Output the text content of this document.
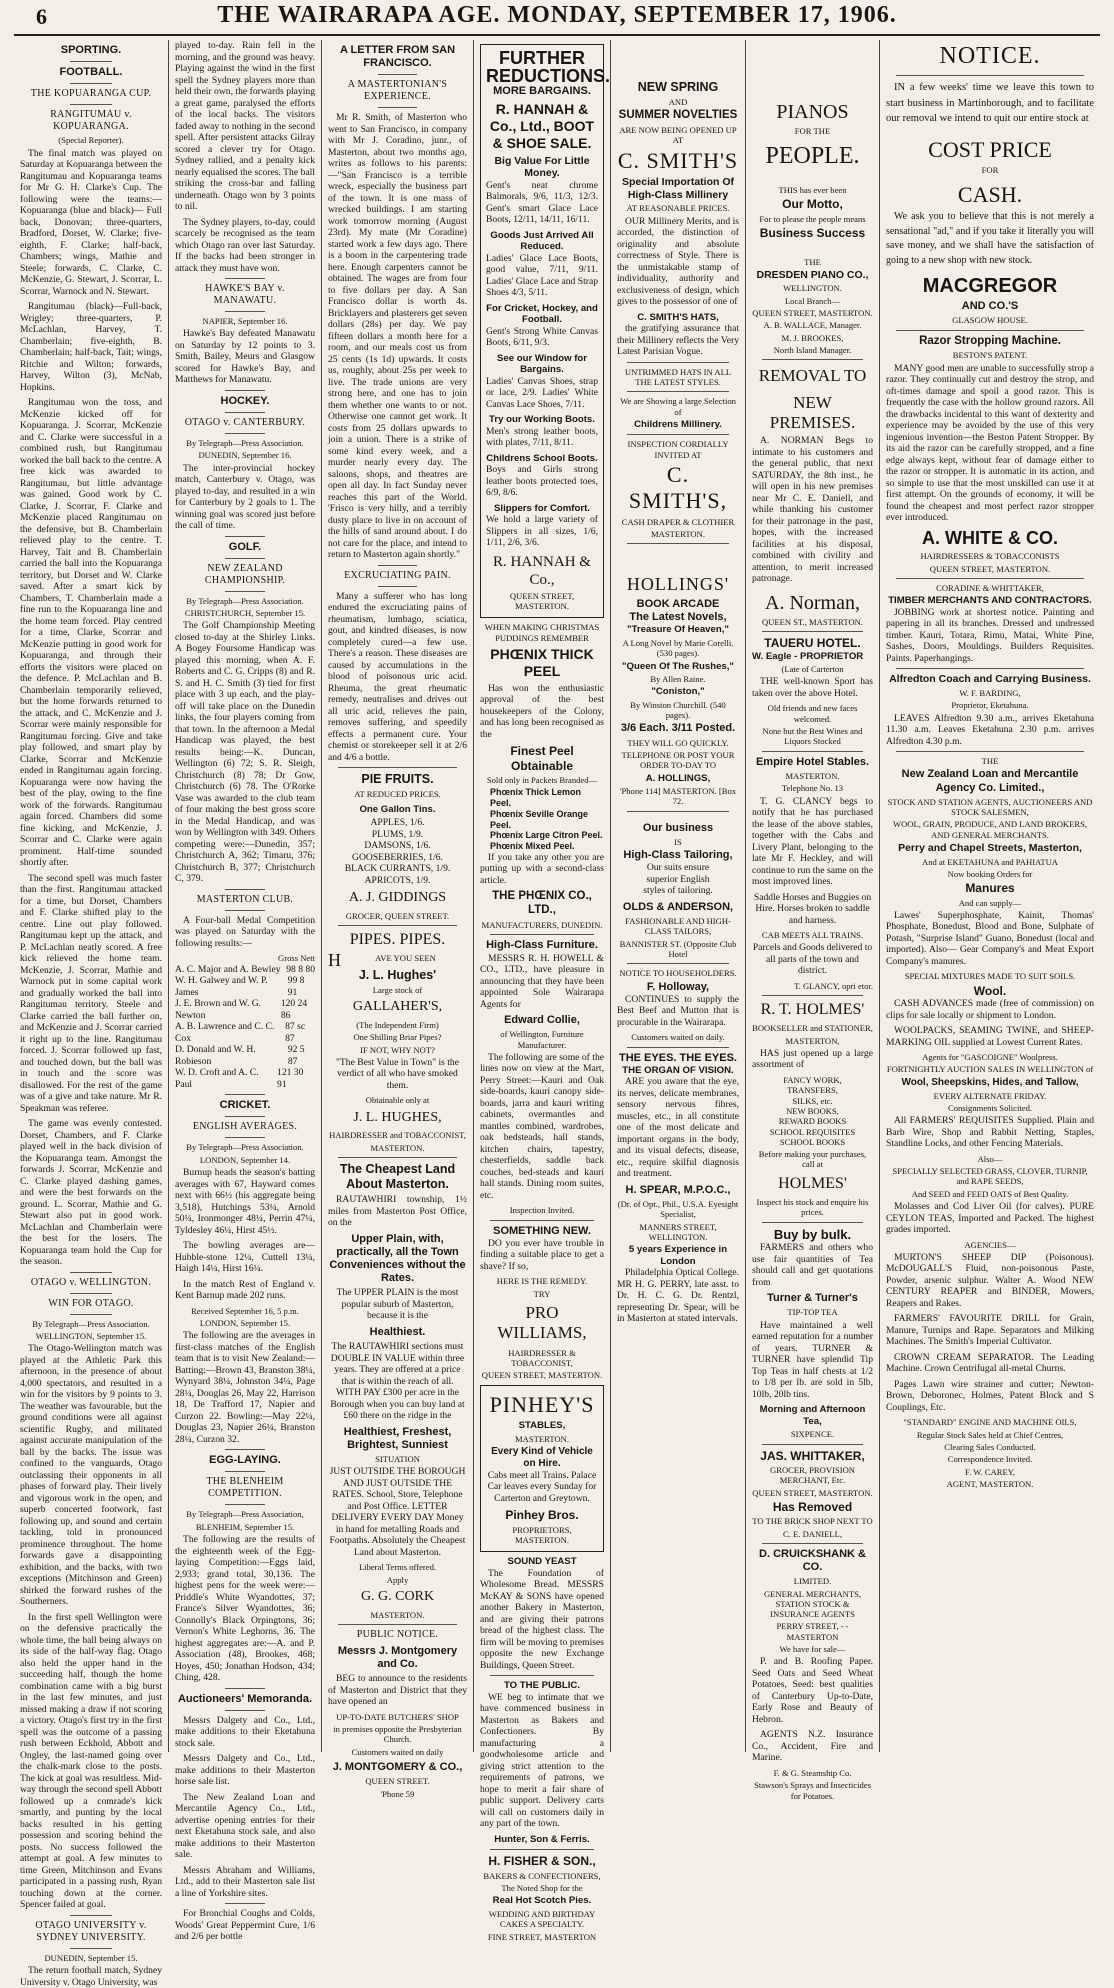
6	THE WAIRARAPA AGE. MONDAY, SEPTEMBER 17, 1906.
SPORTING.
FOOTBALL.
THE KOPUARANGA CUP.
RANGITUMAU v. KOPUARANGA.
(Special Reporter).

The final match was played on Saturday at Kopuaranga between the Rangitumau and Kopuaranga teams for Mr G. H. Clarke's Cup. The following were the teams:— Kopuaranga (blue and black)— Full back, Donovan; three-quarters, Bradford, Dorset, W. Clarke; five-eighth, F. Clarke; half-back, Chambers; wings, Mathie and Steele; forwards, C. Clarke, C. McKenzie, G. Stewart, J. Scorrar, L. Scorrar, Warnock and N. Stewart.

Rangitumau (black)—Full-back, Wrigley; three-quarters, P. McLachlan, Harvey, T. Chamberlain; five-eighth, B. Chamberlain; half-back, Tait; wings, Ritchie and Wilton; forwards, Harvey, Wilton (3), McNab, Hopkins.

Rangitumau won the toss, and McKenzie kicked off for Kopuaranga. J. Scorrar, McKenzie and C. Clarke were successful in a combined rush, but Rangitumau worked the ball back to the centre. A free kick was awarded to Rangitumau, but little advantage was gained. Good work by C. Clarke, J. Scorrar, F. Clarke and McKenzie placed Rangitumau on the defensive, but B. Chamberlain relieved play to the centre. T. Harvey, Tait and B. Chamberlain carried the ball into the Kopuaranga territory, but Dorset and W. Clarke saved. After a smart kick by Chambers, T. Chamberlain made a fine run to the Kopuaranga line and the home team forced. Play centred for a time, Clarke, Scorrar and McKenzie putting in good work for Kopuaranga, and through their efforts the visitors were placed on the defence. P. McLachlan and B. Chamberlain temporarily relieved, but the home forwards returned to the attack, and C. McKenzie and J. Scorrar were mainly responsible for Rangitumau forcing. Give and take play followed, and smart play by Clarke, Scorrar and McKenzie ended in Rangitumau again forcing. Kopuaranga were now having the best of the play, owing to the fine work of the forwards. Rangitumau again forced. Chambers did some fine kicking, and McKenzie, J. Scorrar and C. Clarke were again prominent. Half-time sounded shortly after.

The second spell was much faster than the first. Rangitumau attacked for a time, but Dorset, Chambers and F. Clarke shifted play to the centre. Line out play followed. Rangitumau kept up the attack, and P. McLachlan neatly scored. A free kick relieved the home team. McKenzie, J. Scorrar, Mathie and Warnock put in some capital work and gradually worked the ball into Rangitumau territory. Steele and Clarke carried the ball further on, and McKenzie and J. Scorrar carried it right up to the line. Rangitumau forced. J. Scorrar followed up fast, and touched down, but the ball was in touch and the score was disallowed. For the rest of the game was of a give and take nature. Mr R. Speakman was referee.

The game was evenly contested. Dorset, Chambers, and F. Clarke played well in the back division of the Kopuaranga team. Amongst the forwards J. Scorrar, McKenzie and C. Clarke played dashing games, and were the best forwards on the ground. L. Scorrar, Mathie and G. Stewart also put in good work. McLachlan and Chamberlain were the best for the losers. The Kopuaranga team hold the Cup for the season.

OTAGO v. WELLINGTON.
WIN FOR OTAGO.
By Telegraph—Press Association.
WELLINGTON, September 15.

The Otago-Wellington match was played at the Athletic Park this afternoon, in the presence of about 4,000 spectators, and resulted in a win for the visitors by 9 points to 3. The weather was favourable, but the ground conditions were all against scientific Rugby, and militated against accurate manipulation of the ball by the backs. The issue was confined to the vanguards, Otago outclassing their opponents in all phases of forward play. Their lively and vigorous work in the open, and superb concerted footwork, fast following up, and sound and certain tackling, told in pronounced prominence throughout. The home forwards gave a disappointing exhibition, and the backs, with two exceptions (Mitchinson and Green) shirked the forward rushes of the Southerners.

In the first spell Wellington were on the defensive practically the whole time, the ball being always on its side of the half-way flag. Otago also held the upper hand in the succeeding half, though the home combination came with a big burst in the last few minutes, and just missed making a draw if not scoring a victory. Otago's first try in the first spell was the outcome of a passing rush between Eckhold, Abbott and Ongley, the last-named going over the chalk-mark close to the posts. The kick at goal was resultless. Mid-way through the second spell Abbott followed up a comrade's kick smartly, and punting by the local backs resulted in his getting possession and scoring behind the posts. No success followed the attempt at goal. A few minutes to time Green, Mitchinson and Evans participated in a passing rush, Ryan touching down at the corner. Spencer failed at goal.

OTAGO UNIVERSITY v. SYDNEY UNIVERSITY.
DUNEDIN, September 15.

The return football match, Sydney University v. Otago University, was

played to-day. Rain fell in the morning, and the ground was heavy. Playing against the wind in the first spell the Sydney players more than held their own, the forwards playing a great game, paralysed the efforts of the local backs. The visitors faded away to nothing in the second spell. After persistent attacks Gilray scored a clever try for Otago. Sydney rallied, and a penalty kick nearly equalised the scores. The ball striking the cross-bar and falling underneath. Otago won by 3 points to nil.

The Sydney players, to-day, could scarcely be recognised as the team which Otago ran over last Saturday. If the backs had been stronger in attack they must have won.

HAWKE'S BAY v. MANAWATU.
NAPIER, September 16.

Hawke's Bay defeated Manawatu on Saturday by 12 points to 3. Smith, Bailey, Meurs and Glasgow scored for Hawke's Bay, and Matthews for Manawatu.

HOCKEY.
OTAGO v. CANTERBURY.
By Telegraph—Press Association.
DUNEDIN, September 16.

The inter-provincial hockey match, Canterbury v. Otago, was played to-day, and resulted in a win for Canterbury by 2 goals to 1. The winning goal was scored just before the call of time.

GOLF.
NEW ZEALAND CHAMPIONSHIP.
By Telegraph—Press Association.
CHRISTCHURCH, September 15.

The Golf Championship Meeting closed to-day at the Shirley Links. A Bogey Foursome Handicap was played this morning, when A. F. Roberts and C. G. Cripps (8) and R. S. and H. C. Smith (3) tied for first place with 3 up each, and the play-off will take place on the Dunedin links, the four players coming from that town. In the afternoon a Medal Handicap was played, the best results being:—K. Duncan, Wellington (6) 72; S. R. Sleigh, Christchurch (8) 78; Dr Gow, Christchurch (6) 78. The O'Rorke Vase was awarded to the club team of four making the best gross score in the Medal Handicap, and was won by Wellington with 349. Others competing were:—Dunedin, 357; Christchurch A, 362; Timaru, 376; Christchurch B, 377; Christchurch C, 379.

MASTERTON CLUB.

A Four-ball Medal Competition was played on Saturday with the following results:—

Gross Nett
A. C. Major and A. Bewley 98 8 80
W. H. Galwey and W. P. James
99 8 91
J. E. Brown and W. G. Newton
120 24 86
A. B. Lawrence and C. C. Cox
87 sc 87
D. Donald and W. H. Robieson
92 5 87
W. D. Croft and A. C. Paul
121 30 91
CRICKET.
ENGLISH AVERAGES.
By Telegraph—Press Association.
LONDON, September 14.

Burnup heads the season's batting averages with 67, Hayward comes next with 66½ (his aggregate being 3,518), Hutchings 53¼, Arnold 50¼, Ironmonger 48¼, Perrin 47¼, Tyldesley 46¼, Hirst 45½.

The bowling averages are—Hubble-stone 12¼, Cuttell 13¼, Haigh 14¼, Hirst 16¼.

In the match Rest of England v. Kent Barnup made 202 runs.

Received September 16, 5 p.m.
LONDON, September 15.

The following are the averages in first-class matches of the English team that is to visit New Zealand:—Batting:—Brown 43, Branston 38¼, Wynyard 38¼, Johnston 34¼, Page 28¼, Douglas 26, May 22, Harrison 18, De Trafford 17, Napier and Curzon 22. Bowling:—May 22¼, Douglas 23, Napier 26¼, Branston 28¼, Curzon 32.

EGG-LAYING.
THE BLENHEIM COMPETITION.
By Telegraph—Press Association,
BLENHEIM, September 15.

The following are the results of the eighteenth week of the Egg-laying Competition:—Eggs laid, 2,933; grand total, 30,136. The highest pens for the week were:—Priddle's White Wyandottes, 37; France's Silver Wyandottes, 36; Connolly's Black Orpingtons, 36; Vernon's White Leghorns, 36. The highest aggregates are:—A. and P. Association (48), Brookes, 468; Hoyes, 450; Jonathan Hodson, 434; Ching, 428.

Auctioneers' Memoranda.

Messrs Dalgety and Co., Ltd., make additions to their Eketahuna stock sale.

Messrs Dalgety and Co., Ltd., make additions to their Masterton horse sale list.

The New Zealand Loan and Mercantile Agency Co., Ltd., advertise opening entries for their next Eketahuna stock sale, and also make additions to their Masterton sale.

Messrs Abraham and Williams, Ltd., add to their Masterton sale list a line of Yorkshire sites.

For Bronchial Coughs and Colds, Woods' Great Peppermint Cure, 1/6 and 2/6 per bottle

A LETTER FROM SAN FRANCISCO.
A MASTERTONIAN'S EXPERIENCE.

Mr R. Smith, of Masterton who went to San Francisco, in company with Mr J. Coradino, junr., of Masterton, about two months ago, writes as follows to his parents:—"San Francisco is a terrible wreck, especially the business part of the town. It is one mass of wrecked buildings. I am starting work tomorrow morning (August 23rd). My mate (Mr Coradine) started work a few days ago. There is a boom in the carpentering trade here. Enough carpenters cannot be obtained. The wages are from four to five dollars per day. A San Francisco dollar is worth 4s. Bricklayers and plasterers get seven dollars (28s) per day. We pay fifteen dollars a month here for a room, and our meals cost us from 25 cents (1s 1d) upwards. It costs us, roughly, about 25s per week to live. The trade unions are very strong here, and one has to join them whether one wants to or not. Otherwise one cannot get work. It costs from 25 dollars upwards to join a union. There is a strike of some kind every week, and a murder nearly every day. The saloons, shops, and theatres are open all day. In fact Sunday never reaches this part of the World. 'Frisco is very hilly, and a terribly dusty place to live in on account of the hills of sand around about. I do not care for the place, and intend to return to Masterton again shortly."

EXCRUCIATING PAIN.

Many a sufferer who has long endured the excruciating pains of rheumatism, lumbago, sciatica, gout, and kindred diseases, is now completely cured—a few use. There's a reason. These diseases are caused by accumulations in the blood of poisonous uric acid. Rheuma, the great rheumatic remedy, neutralises and drives out all uric acid, relieves the pain, removes suffering, and speedily effects a permanent cure. Your chemist or storekeeper sell it at 2/6 and 4/6 a bottle.

PIE FRUITS.
AT REDUCED PRICES.
One Gallon Tins.
APPLES, 1/6.
PLUMS, 1/9.
DAMSONS, 1/6.
GOOSEBERRIES, 1/6.
BLACK CURRANTS, 1/9.
APRICOTS, 1/9.
A. J. GIDDINGS
GROCER, QUEEN STREET.
PIPES. PIPES.
H	AVE YOU SEEN
J. L. Hughes'
Large stock of
GALLAHER'S,
(The Independent Firm)
One Shilling Briar Pipes?
IF NOT, WHY NOT?

"The Best Value in Town" is the verdict of all who have smoked them.

Obtainable only at
J. L. HUGHES,
HAIRDRESSER and TOBACCONIST,
MASTERTON.
The Cheapest Land About Masterton.

RAUTAWHIRI township, 1½ miles from Masterton Post Office, on the

Upper Plain, with, practically, all the Town Conveniences without the Rates.

The UPPER PLAIN is the most popular suburb of Masterton, because it is the

Healthiest.

The RAUTAWHIRI sections must DOUBLE IN VALUE within three years. They are offered at a price that is within the reach of all. WITH PAY £300 per acre in the Borough when you can buy land at £60 there on the ridge in the

Healthiest, Freshest, Brightest, Sunniest
SITUATION

JUST OUTSIDE THE BOROUGH AND JUST OUTSIDE THE RATES. School, Store, Telephone and Post Office. LETTER DELIVERY EVERY DAY Money in hand for metalling Roads and Footpaths. Absolutely the Cheapest Land about Masterton.

Liberal Terms offered.
Apply
G. G. CORK
MASTERTON.
PUBLIC NOTICE.
Messrs J. Montgomery and Co.

BEG to announce to the residents of Masterton and District that they have opened an

UP-TO-DATE BUTCHERS' SHOP
in premises opposite the Presbyterian Church.
Customers waited on daily
J. MONTGOMERY & CO.,
QUEEN STREET.
'Phone 59
FURTHER REDUCTIONS.
MORE BARGAINS.
R. HANNAH & Co., Ltd., BOOT & SHOE SALE.
Big Value For Little Money.

Gent's neat chrome Balmorals, 9/6, 11/3, 12/3. Gent's smart Glace Lace Boots, 12/11, 14/11, 16/11.

Goods Just Arrived All Reduced.

Ladies' Glace Lace Boots, good value, 7/11, 9/11. Ladies' Glace Lace and Strap Shoes 4/3, 5/11.

For Cricket, Hockey, and Football.

Gent's Strong White Canvas Boots, 6/11, 9/3.

See our Window for Bargains.

Ladies' Canvas Shoes, strap or lace, 2/9. Ladies' White Canvas Lace Shoes, 7/11.

Try our Working Boots.

Men's strong leather boots, with plates, 7/11, 8/11.

Childrens School Boots.

Boys and Girls strong leather boots protected toes, 6/9, 8/6.

Slippers for Comfort.

We hold a large variety of Slippers in all sizes, 1/6, 1/11, 2/6, 3/6.

R. HANNAH & Co.,
QUEEN STREET, MASTERTON.
WHEN MAKING CHRISTMAS PUDDINGS REMEMBER
PHŒNIX THICK PEEL

Has won the enthusiastic approval of the best housekeepers of the Colony, and has long been recognised as the

Finest Peel Obtainable
Sold only in Packets Branded—
Phœnix Thick Lemon Peel.
Phœnix Seville Orange Peel.
Phœnix Large Citron Peel.
Phœnix Mixed Peel.

If you take any other you are putting up with a second-class article.

THE PHŒNIX CO., LTD.,
MANUFACTURERS, DUNEDIN.
High-Class Furniture.

MESSRS R. H. HOWELL & CO., LTD., have pleasure in announcing that they have been appointed Sole Wairarapa Agents for

Edward Collie,
of Wellington, Furniture Manufacturer.

The following are some of the lines now on view at the Mart, Perry Street:—Kauri and Oak side-boards, kauri canopy side-boards, jarra and kauri writing cabinets, overmantles and mantles combined, wardrobes, oak bedsteads, hall stands, kitchen chairs, tapestry, chesterfields, saddle back couches, bed-steads and kauri hall stands. Dining room suites, etc.

Inspection Invited.
SOMETHING NEW.

DO you ever have trouble in finding a suitable place to get a shave? If so,

HERE IS THE REMEDY.
TRY
PRO WILLIAMS,
HAIRDRESSER & TOBACCONIST,
QUEEN STREET, MASTERTON.
PINHEY'S
STABLES,
MASTERTON.
Every Kind of Vehicle on Hire.

Cabs meet all Trains. Palace Car leaves every Sunday for Carterton and Greytown.

Pinhey Bros.
PROPRIETORS, MASTERTON.
SOUND YEAST

The Foundation of Wholesome Bread. MESSRS McKAY & SONS have opened another Bakery in Masterton, and are giving their patrons bread of the highest class. The firm will be moving to premises opposite the new Exchange Buildings, Queen Street.

TO THE PUBLIC.

WE beg to intimate that we have commenced business in Masterton as Bakers and Confectioners. By manufacturing a goodwholesome article and giving strict attention to the requirements of patrons, we hope to merit a fair share of public support. Delivery carts will call on customers daily in any part of the town.

Hunter, Son & Ferris.
H. FISHER & SON.,
BAKERS & CONFECTIONERS,
The Noted Shop for the
Real Hot Scotch Pies.
WEDDING AND BIRTHDAY CAKES A SPECIALTY.
FINE STREET, MASTERTON
NEW SPRING
AND
SUMMER NOVELTIES
ARE NOW BEING OPENED UP AT
C. SMITH'S
Special Importation Of High-Class Millinery
AT REASONABLE PRICES.

OUR Millinery Merits, and is accorded, the distinction of originality and absolute correctness of Style. There is the unmistakable stamp of individuality, authority and exclusiveness of design, which gives to the possessor of one of

C. SMITH'S HATS,

the gratifying assurance that their Millinery reflects the Very Latest Parisian Vogue.

UNTRIMMED HATS IN ALL THE LATEST STYLES.
We are Showing a large Selection of
Childrens Millinery.
INSPECTION CORDIALLY INVITED AT
C. SMITH'S,
CASH DRAPER & CLOTHIER
MASTERTON.
HOLLINGS'
BOOK ARCADE
The Latest Novels,
"Treasure Of Heaven,"
A Long Novel by Marie Corelli. (530 pages).
"Queen Of The Rushes,"
By Allen Raine.
"Coniston,"
By Winston Churchill. (540 pages).
3/6 Each. 3/11 Posted.
THEY WILL GO QUICKLY.
TELEPHONE OR POST YOUR ORDER TO-DAY TO
A. HOLLINGS,
'Phone 114] MASTERTON. [Box 72.
Our business
IS
High-Class Tailoring,

Our suits ensure superior English styles of tailoring.

OLDS & ANDERSON,
FASHIONABLE AND HIGH-CLASS TAILORS,
BANNISTER ST. (Opposite Club Hotel
NOTICE TO HOUSEHOLDERS.
F. Holloway,

CONTINUES to supply the Best Beef and Mutton that is procurable in the Wairarapa.

Customers waited on daily.
THE EYES. THE EYES.
THE ORGAN OF VISION.

ARE you aware that the eye, its nerves, delicate membranes, sensory nervous fibres, muscles, etc., in all constitute one of the most delicate and important organs in the body, and its visual defects, disease, etc., require skilful diagnosis and treatment.

H. SPEAR, M.P.O.C.,
(Dr. of Opt., Phil., U.S.A. Eyesight Specialist,
MANNERS STREET, WELLINGTON.
5 years Experience in London

Philadelphia Optical College. MR H. G. PERRY, late asst. to Dr. H. C. G. Dr. Rentzl, representing Dr. Spear, will be in Masterton at stated intervals.

PIANOS
FOR THE
PEOPLE.
THIS has ever been
Our Motto,
For to please the people means
Business Success
THE
DRESDEN PIANO CO.,
WELLINGTON.
Local Branch—
QUEEN STREET, MASTERTON.
A. B. WALLACE, Manager.
M. J. BROOKES,
North Island Manager.
REMOVAL TO
NEW PREMISES.

A. NORMAN Begs to intimate to his customers and the general public, that next SATURDAY, the 8th inst., he will open in his new premises near Mr C. E. Daniell, and while thanking his customer for their patronage in the past, hopes, with the increased facilities at his disposal, combined with civility and attention, to merit increased patronage.

A. Norman,
QUEEN ST., MASTERTON.
TAUERU HOTEL.
W. Eagle - PROPRIETOR
(Late of Carterton

THE well-known Sport has taken over the above Hotel.

Old friends and new faces welcomed.
None but the Best Wines and Liquors Stocked
Empire Hotel Stables.
MASTERTON.
Telephone No. 13

T. G. CLANCY begs to notify that he has purchased the lease of the above stables, together with the Cabs and Livery Plant, belonging to the late Mr F. Heckley, and will continue to run the same on the most improved lines.

Saddle Horses and Buggies on Hire. Horses broken to saddle and harness.

CAB MEETS ALL TRAINS.

Parcels and Goods delivered to all parts of the town and district.

T. GLANCY, opri etor.
R. T. HOLMES'
BOOKSELLER and STATIONER,
MASTERTON,

HAS just opened up a large assortment of

FANCY WORK,
TRANSFERS,
SILKS, etc.
NEW BOOKS,
REWARD BOOKS
SCHOOL REQUISITES
SCHOOL BOOKS
Before making your purchases, call at
HOLMES'
Inspect his stock and enquire his prices.
Buy by bulk.

FARMERS and others who use fair quantities of Tea should call and get quotations from

Turner & Turner's
TIP-TOP TEA

Have maintained a well earned reputation for a number of years. TURNER & TURNER have splendid Tip Top Teas in half chests at 1/2 to 1/8 per lb. are sold in 5lb, 10lb, 20lb tins.

Morning and Afternoon Tea,
SIXPENCE.
JAS. WHITTAKER,
GROCER, PROVISION MERCHANT, Etc.
QUEEN STREET, MASTERTON.
Has Removed
TO THE BRICK SHOP NEXT TO
C. E. DANIELL,
D. CRUICKSHANK & CO.
LIMITED.
GENERAL MERCHANTS, STATION STOCK & INSURANCE AGENTS
PERRY STREET, - - MASTERTON
We have for sale—

P. and B. Roofing Paper. Seed Oats and Seed Wheat Potatoes, Seed: best qualities of Canterbury Up-to-Date, Early Rose and Beauty of Hebron.

AGENTS N.Z. Insurance Co., Accident, Fire and Marine.

F. & G. Steamship Co.
Stawson's Sprays and Insecticides for Potatoes.
NOTICE.

IN a few weeks' time we leave this town to start business in Martinborough, and to facilitate our removal we intend to quit our entire stock at

COST PRICE
FOR
CASH.

We ask you to believe that this is not merely a sensational "ad," and if you take it literally you will save money, and we shall have the satisfaction of going to a new shop with new stock.

MACGREGOR
AND CO.'S
GLASGOW HOUSE.
Razor Stropping Machine.
BESTON'S PATENT.

MANY good men are unable to successfully strop a razor. They continually cut and destroy the strop, and oft-times damage and spoil a good razor. This is frequently the case with the hollow ground razors. All the drawbacks incidental to this want of dexterity and experience may be avoided by the use of this very ingenious invention—the Beston Patent Stropper. By its aid the razor can be carefully stropped, and a fine edge always kept, without fear of damage either to the razor or stropper. It is automatic in its action, and so simple to use that the most unskilled can use it at first attempt. On the grounds of economy, it will be found the cheapest and most perfect razor stropper ever introduced.

A. WHITE & CO.
HAIRDRESSERS & TOBACCONISTS
QUEEN STREET, MASTERTON.
CORADINE & WHITTAKER,
TIMBER MERCHANTS AND CONTRACTORS.

JOBBING work at shortest notice. Painting and papering in all its branches. Dressed and undressed timber. Kauri, Totara, Rimu, Matai, White Pine, Sashes, Doors, Mouldings. Builders Requisites. Paints. Paperhangings.

Alfredton Coach and Carrying Business.
W. F. BARDING,
Proprietor, Eketahuna.

LEAVES Alfredton 9.30 a.m., arrives Eketahuna 11.30 a.m. Leaves Eketahuna 2.30 p.m. arrives Alfredton 4.30 p.m.

THE
New Zealand Loan and Mercantile Agency Co. Limited.,
STOCK AND STATION AGENTS, AUCTIONEERS AND STOCK SALESMEN,
WOOL, GRAIN, PRODUCE, AND LAND BROKERS, AND GENERAL MERCHANTS.
Perry and Chapel Streets, Masterton,
And at EKETAHUNA and PAHIATUA
Now booking Orders for
Manures
And can supply—

Lawes' Superphosphate, Kainit, Thomas' Phosphate, Bonedust, Blood and Bone, Sulphate of Potash, "Surprise Island" Guano, Bonedust (local and imported). Also— Gear Company's and Meat Export Company's manures.

SPECIAL MIXTURES MADE TO SUIT SOILS.
Wool.

CASH ADVANCES made (free of commission) on clips for sale locally or shipment to London.

WOOLPACKS, SEAMING TWINE, and SHEEP-MARKING OIL supplied at Lowest Current Rates.

Agents for "GASCOIGNE" Woolpress.
FORTNIGHTLY AUCTION SALES IN WELLINGTON of
Wool, Sheepskins, Hides, and Tallow,
EVERY ALTERNATE FRIDAY.
Consignments Solicited.

All FARMERS' REQUISITES Supplied. Plain and Barb Wire, Shop and Rabbit Netting, Staples, Standline Locks, and other Fencing Materials.

Also—
SPECIALLY SELECTED GRASS, CLOVER, TURNIP, and RAPE SEEDS,
And SEED and FEED OATS of Best Quality.

Molasses and Cod Liver Oil (for calves). PURE CEYLON TEAS, Imported and Packed. The highest grades imported.

AGENCIES—

MURTON'S SHEEP DIP (Poisonous). McDOUGALL'S Fluid, non-poisonous Paste, Powder, arsenic sulphur. Walter A. Wood NEW CENTURY REAPER and BINDER, Mowers, Reapers and Rakes.

FARMERS' FAVOURITE DRILL for Grain, Manure, Turnips and Rape. Separators and Milking Machines. The Smith's Imperial Cultivator.

CROWN CREAM SEPARATOR. The Leading Machine. Crown Centrifugal all-metal Churns.

Pages Lawn wire strainer and cutter; Newton-Brown, Deboronec, Holmes, Patent Block and S Couplings, Etc.

"STANDARD" ENGINE AND MACHINE OILS,
Regular Stock Sales held at Chief Centres,
Clearing Sales Conducted.
Correspondence Invited.
F. W. CAREY,
AGENT, MASTERTON.
